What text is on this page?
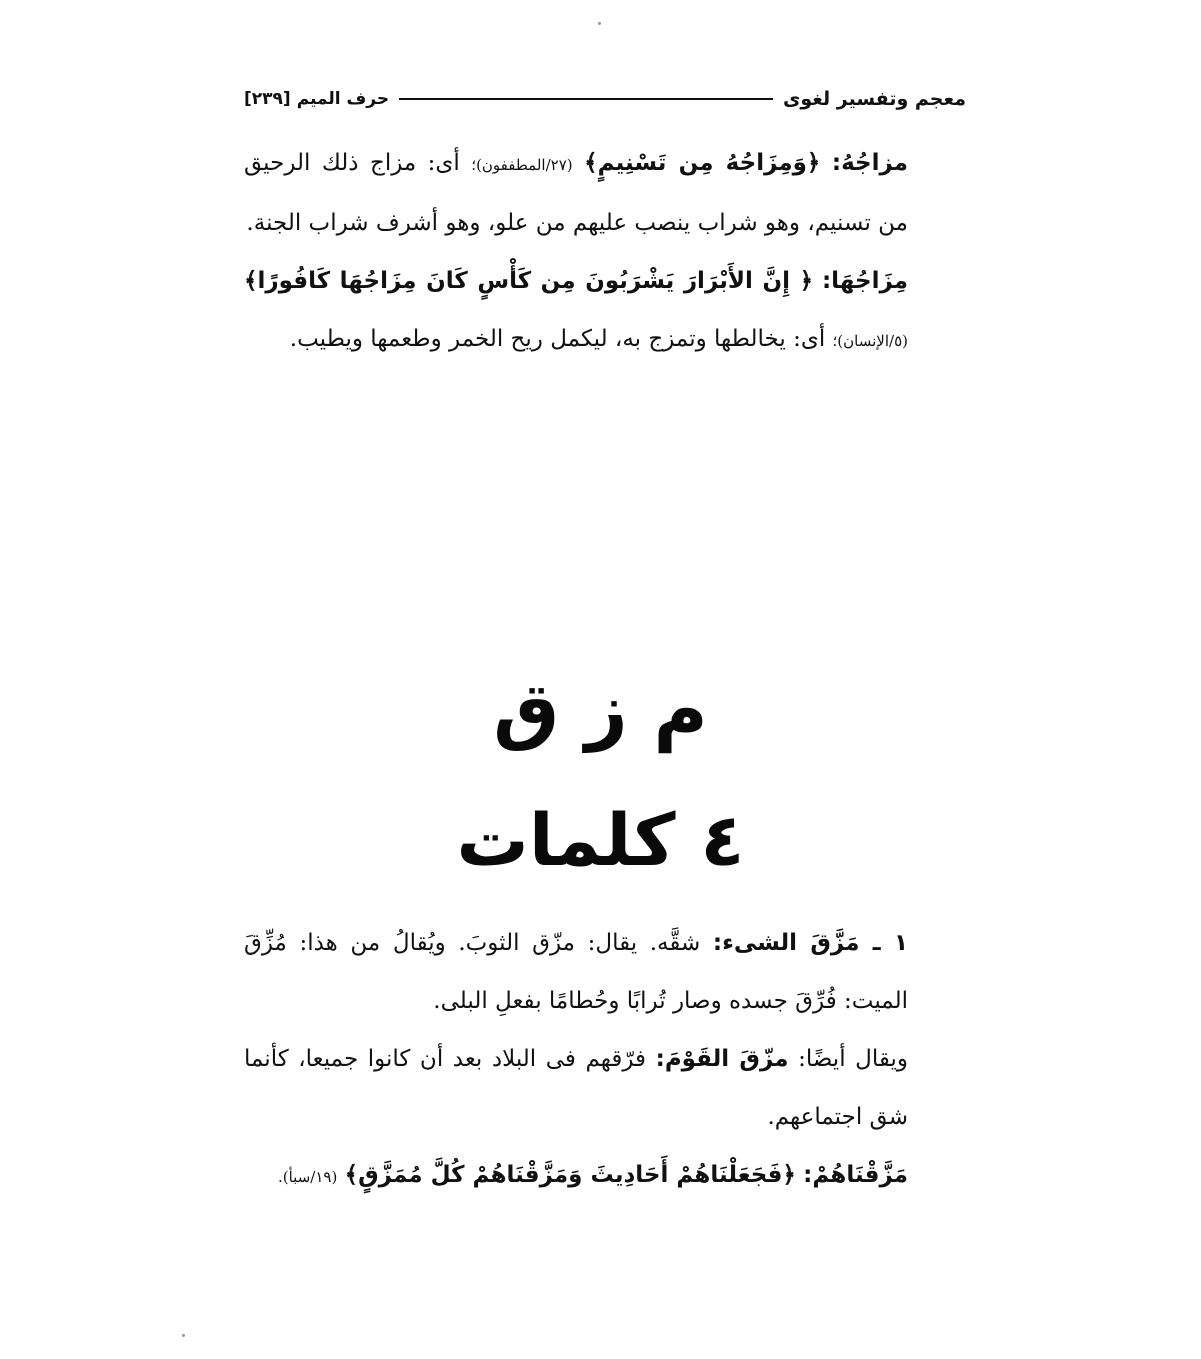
معجم وتفسير لغوى
حرف الميم
[٢٣٩]

مزاجُهُ: ﴿وَمِزَاجُهُ مِن تَسْنِيمٍ﴾ (٢٧/المطففون)؛ أى: مزاج ذلك الرحيق من تسنيم، وهو شراب ينصب عليهم من علو، وهو أشرف شراب الجنة.

مِزَاجُهَا: ﴿ إِنَّ الأَبْرَارَ يَشْرَبُونَ مِن كَأْسٍ كَانَ مِزَاجُهَا كَافُورًا﴾ (٥/الإنسان)؛ أى: يخالطها وتمزج به، ليكمل ريح الخمر وطعمها ويطيب.

م ز ق
٤ كلمات

١ ـ مَزَّقَ الشىء: شقَّه. يقال: مزّق الثوبَ. ويُقالُ من هذا: مُزِّقَ الميت: فُرِّقَ جسده وصار تُرابًا وحُطامًا بفعلِ البلى.

ويقال أيضًا: مزّقَ القَوْمَ: فرّقهم فى البلاد بعد أن كانوا جميعا، كأنما شق اجتماعهم.

مَزَّقْنَاهُمْ: ﴿فَجَعَلْنَاهُمْ أَحَادِيثَ وَمَزَّقْنَاهُمْ كُلَّ مُمَزَّقٍ﴾ (١٩/سبأ).
